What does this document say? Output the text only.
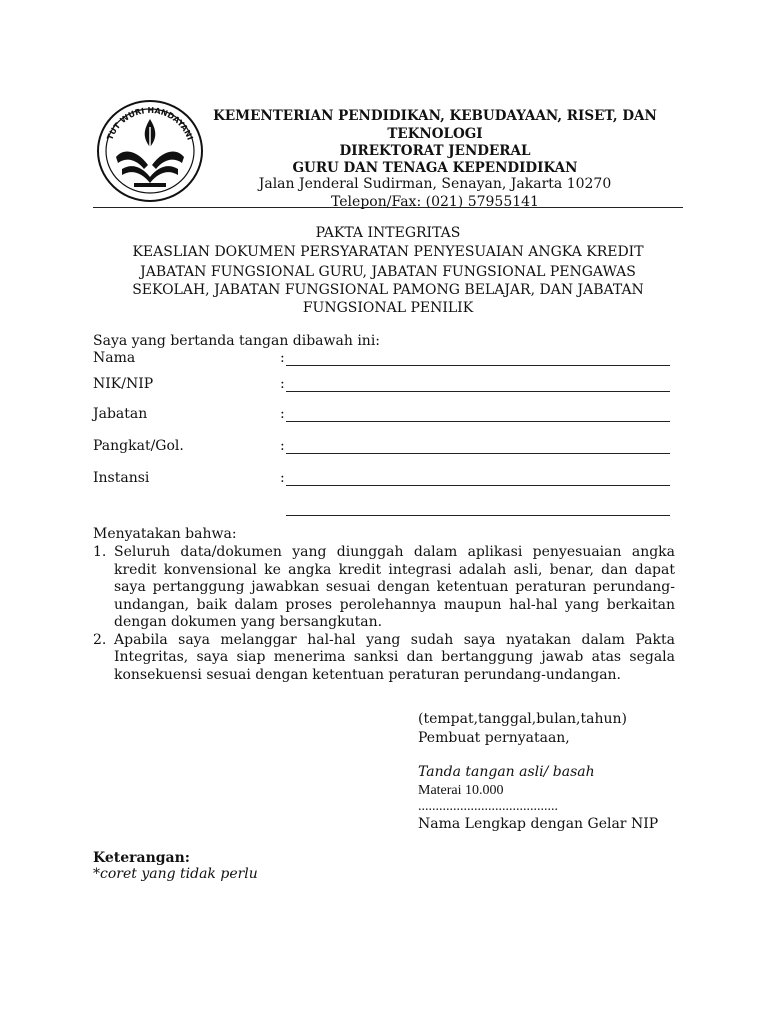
TUT WURI HANDAYANI
KEMENTERIAN PENDIDIKAN, KEBUDAYAAN, RISET, DAN
TEKNOLOGI
DIREKTORAT JENDERAL
GURU DAN TENAGA KEPENDIDIKAN
Jalan Jenderal Sudirman, Senayan, Jakarta 10270
Telepon/Fax: (021) 57955141
PAKTA INTEGRITAS
KEASLIAN DOKUMEN PERSYARATAN PENYESUAIAN ANGKA KREDIT
JABATAN FUNGSIONAL GURU, JABATAN FUNGSIONAL PENGAWAS
SEKOLAH, JABATAN FUNGSIONAL PAMONG BELAJAR, DAN JABATAN
FUNGSIONAL PENILIK
Saya yang bertanda tangan dibawah ini:
Nama	:
NIK/NIP	:
Jabatan	:
Pangkat/Gol.	:
Instansi	:
Menyatakan bahwa:
1. Seluruh data/dokumen yang diunggah dalam aplikasi penyesuaian angka kredit konvensional ke angka kredit integrasi adalah asli, benar, dan dapat saya pertanggung jawabkan sesuai dengan ketentuan peraturan perundang-undangan, baik dalam proses perolehannya maupun hal-hal yang berkaitan dengan dokumen yang bersangkutan.
2. Apabila saya melanggar hal-hal yang sudah saya nyatakan dalam Pakta Integritas, saya siap menerima sanksi dan bertanggung jawab atas segala konsekuensi sesuai dengan ketentuan peraturan perundang-undangan.
(tempat,tanggal,bulan,tahun)
Pembuat pernyataan,
Tanda tangan asli/ basah
Materai 10.000
........................................
Nama Lengkap dengan Gelar NIP
Keterangan:
*coret yang tidak perlu
